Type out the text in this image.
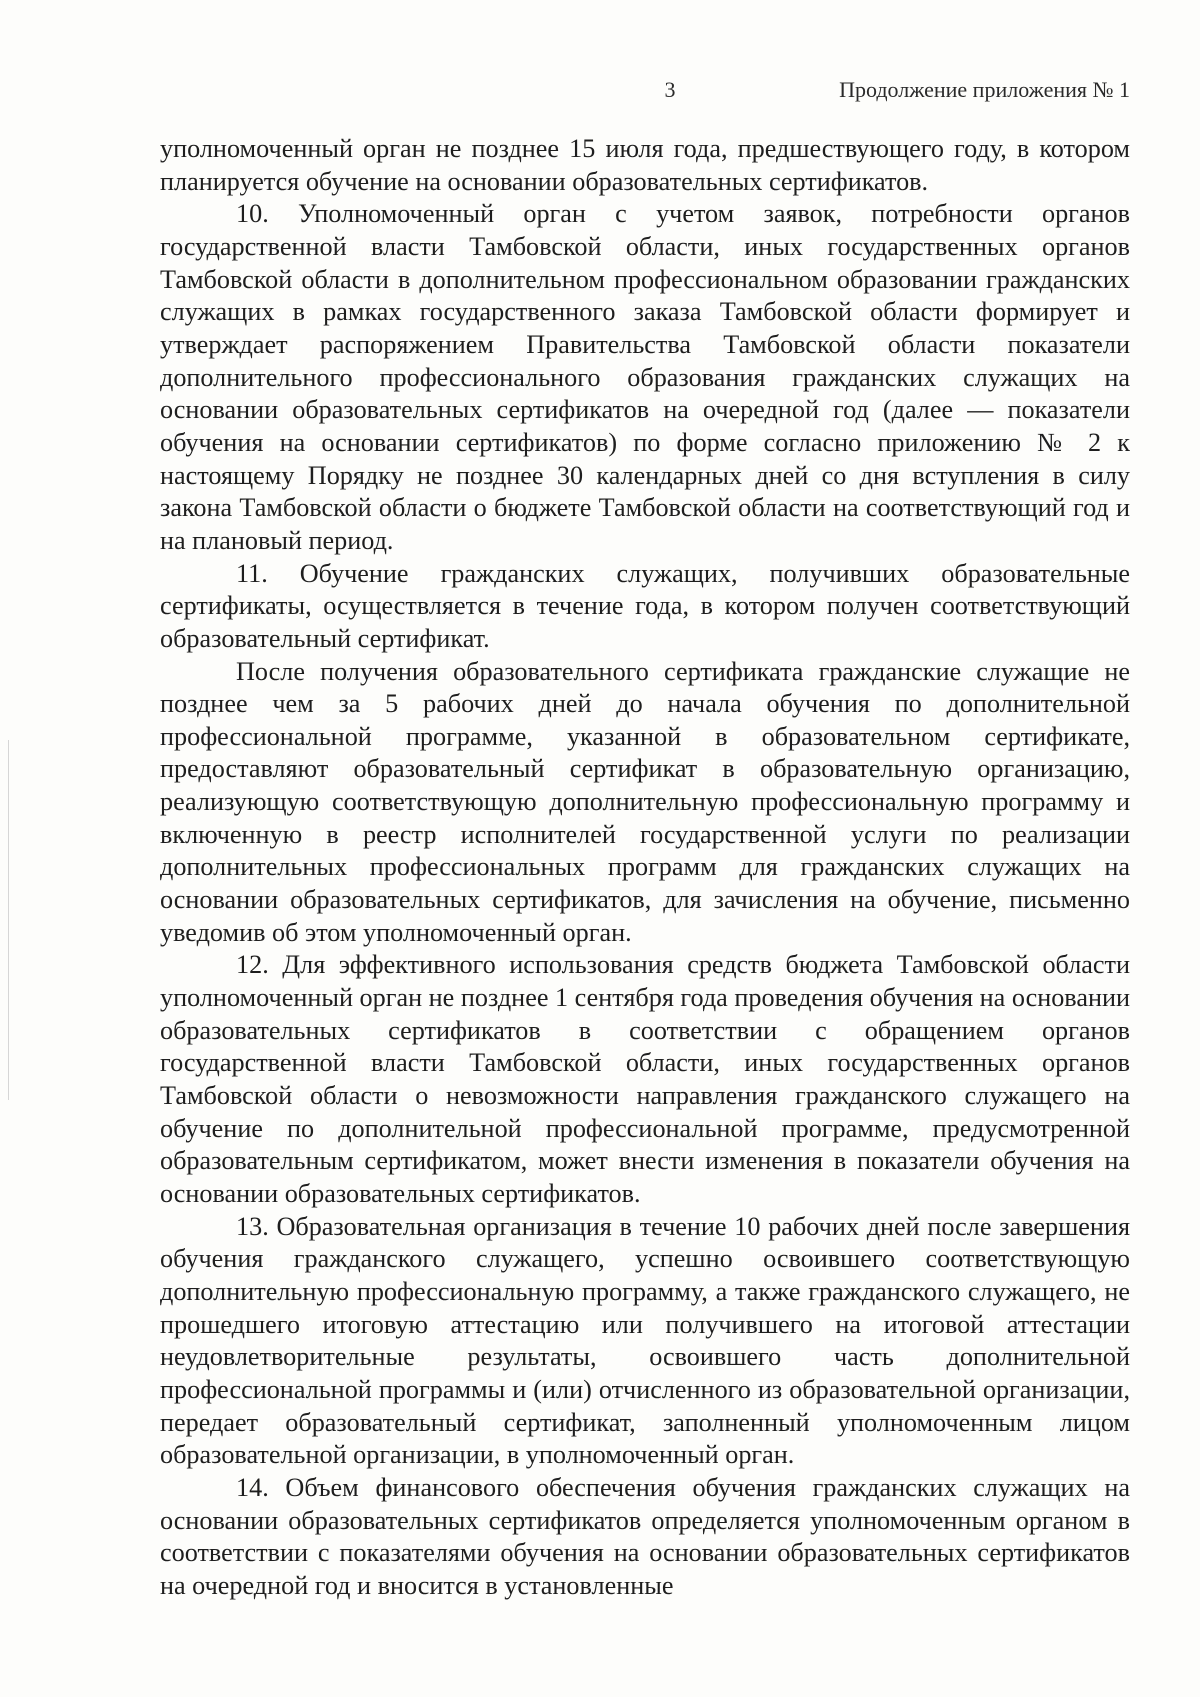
3	Продолжение приложения № 1

уполномоченный орган не позднее 15 июля года, предшествующего году, в котором планируется обучение на основании образовательных сертификатов.

10. Уполномоченный орган с учетом заявок, потребности органов государственной власти Тамбовской области, иных государственных органов Тамбовской области в дополнительном профессиональном образовании гражданских служащих в рамках государственного заказа Тамбовской области формирует и утверждает распоряжением Правительства Тамбовской области показатели дополнительного профессионального образования гражданских служащих на основании образовательных сертификатов на очередной год (далее — показатели обучения на основании сертификатов) по форме согласно приложению № 2 к настоящему Порядку не позднее 30 календарных дней со дня вступления в силу закона Тамбовской области о бюджете Тамбовской области на соответствующий год и на плановый период.

11. Обучение гражданских служащих, получивших образовательные сертификаты, осуществляется в течение года, в котором получен соответствующий образовательный сертификат.

После получения образовательного сертификата гражданские служащие не позднее чем за 5 рабочих дней до начала обучения по дополнительной профессиональной программе, указанной в образовательном сертификате, предоставляют образовательный сертификат в образовательную организацию, реализующую соответствующую дополнительную профессиональную программу и включенную в реестр исполнителей государственной услуги по реализации дополнительных профессиональных программ для гражданских служащих на основании образовательных сертификатов, для зачисления на обучение, письменно уведомив об этом уполномоченный орган.

12. Для эффективного использования средств бюджета Тамбовской области уполномоченный орган не позднее 1 сентября года проведения обучения на основании образовательных сертификатов в соответствии с обращением органов государственной власти Тамбовской области, иных государственных органов Тамбовской области о невозможности направления гражданского служащего на обучение по дополнительной профессиональной программе, предусмотренной образовательным сертификатом, может внести изменения в показатели обучения на основании образовательных сертификатов.

13. Образовательная организация в течение 10 рабочих дней после завершения обучения гражданского служащего, успешно освоившего соответствующую дополнительную профессиональную программу, а также гражданского служащего, не прошедшего итоговую аттестацию или получившего на итоговой аттестации неудовлетворительные результаты, освоившего часть дополнительной профессиональной программы и (или) отчисленного из образовательной организации, передает образовательный сертификат, заполненный уполномоченным лицом образовательной организации, в уполномоченный орган.

14. Объем финансового обеспечения обучения гражданских служащих на основании образовательных сертификатов определяется уполномоченным органом в соответствии с показателями обучения на основании образовательных сертификатов на очередной год и вносится в установленные
